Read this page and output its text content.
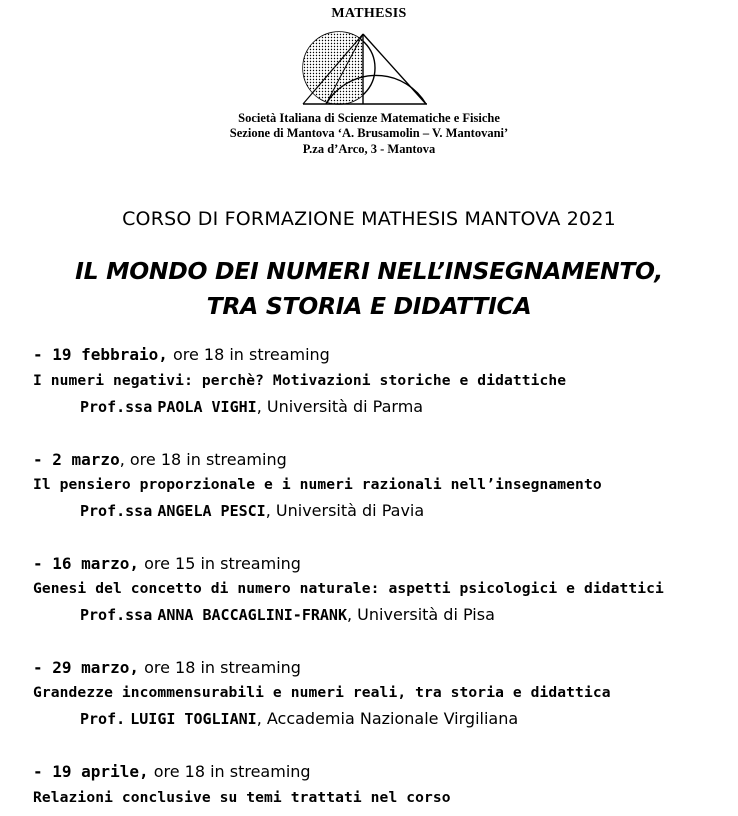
MATHESIS
Società Italiana di Scienze Matematiche e Fisiche
Sezione di Mantova ‘A. Brusamolin – V. Mantovani’
P.za d’Arco, 3 - Mantova
CORSO DI FORMAZIONE MATHESIS MANTOVA 2021
IL MONDO DEI NUMERI NELL’INSEGNAMENTO,
TRA STORIA E DIDATTICA
- 19 febbraio, ore 18 in streaming
I numeri negativi: perchè? Motivazioni storiche e didattiche
Prof.ssa PAOLA VIGHI, Università di Parma
- 2 marzo, ore 18 in streaming
Il pensiero proporzionale e i numeri razionali nell’insegnamento
Prof.ssa ANGELA PESCI, Università di Pavia
- 16 marzo, ore 15 in streaming
Genesi del concetto di numero naturale: aspetti psicologici e didattici
Prof.ssa ANNA BACCAGLINI-FRANK, Università di Pisa
- 29 marzo, ore 18 in streaming
Grandezze incommensurabili e numeri reali, tra storia e didattica
Prof. LUIGI TOGLIANI, Accademia Nazionale Virgiliana
- 19 aprile, ore 18 in streaming
Relazioni conclusive su temi trattati nel corso
